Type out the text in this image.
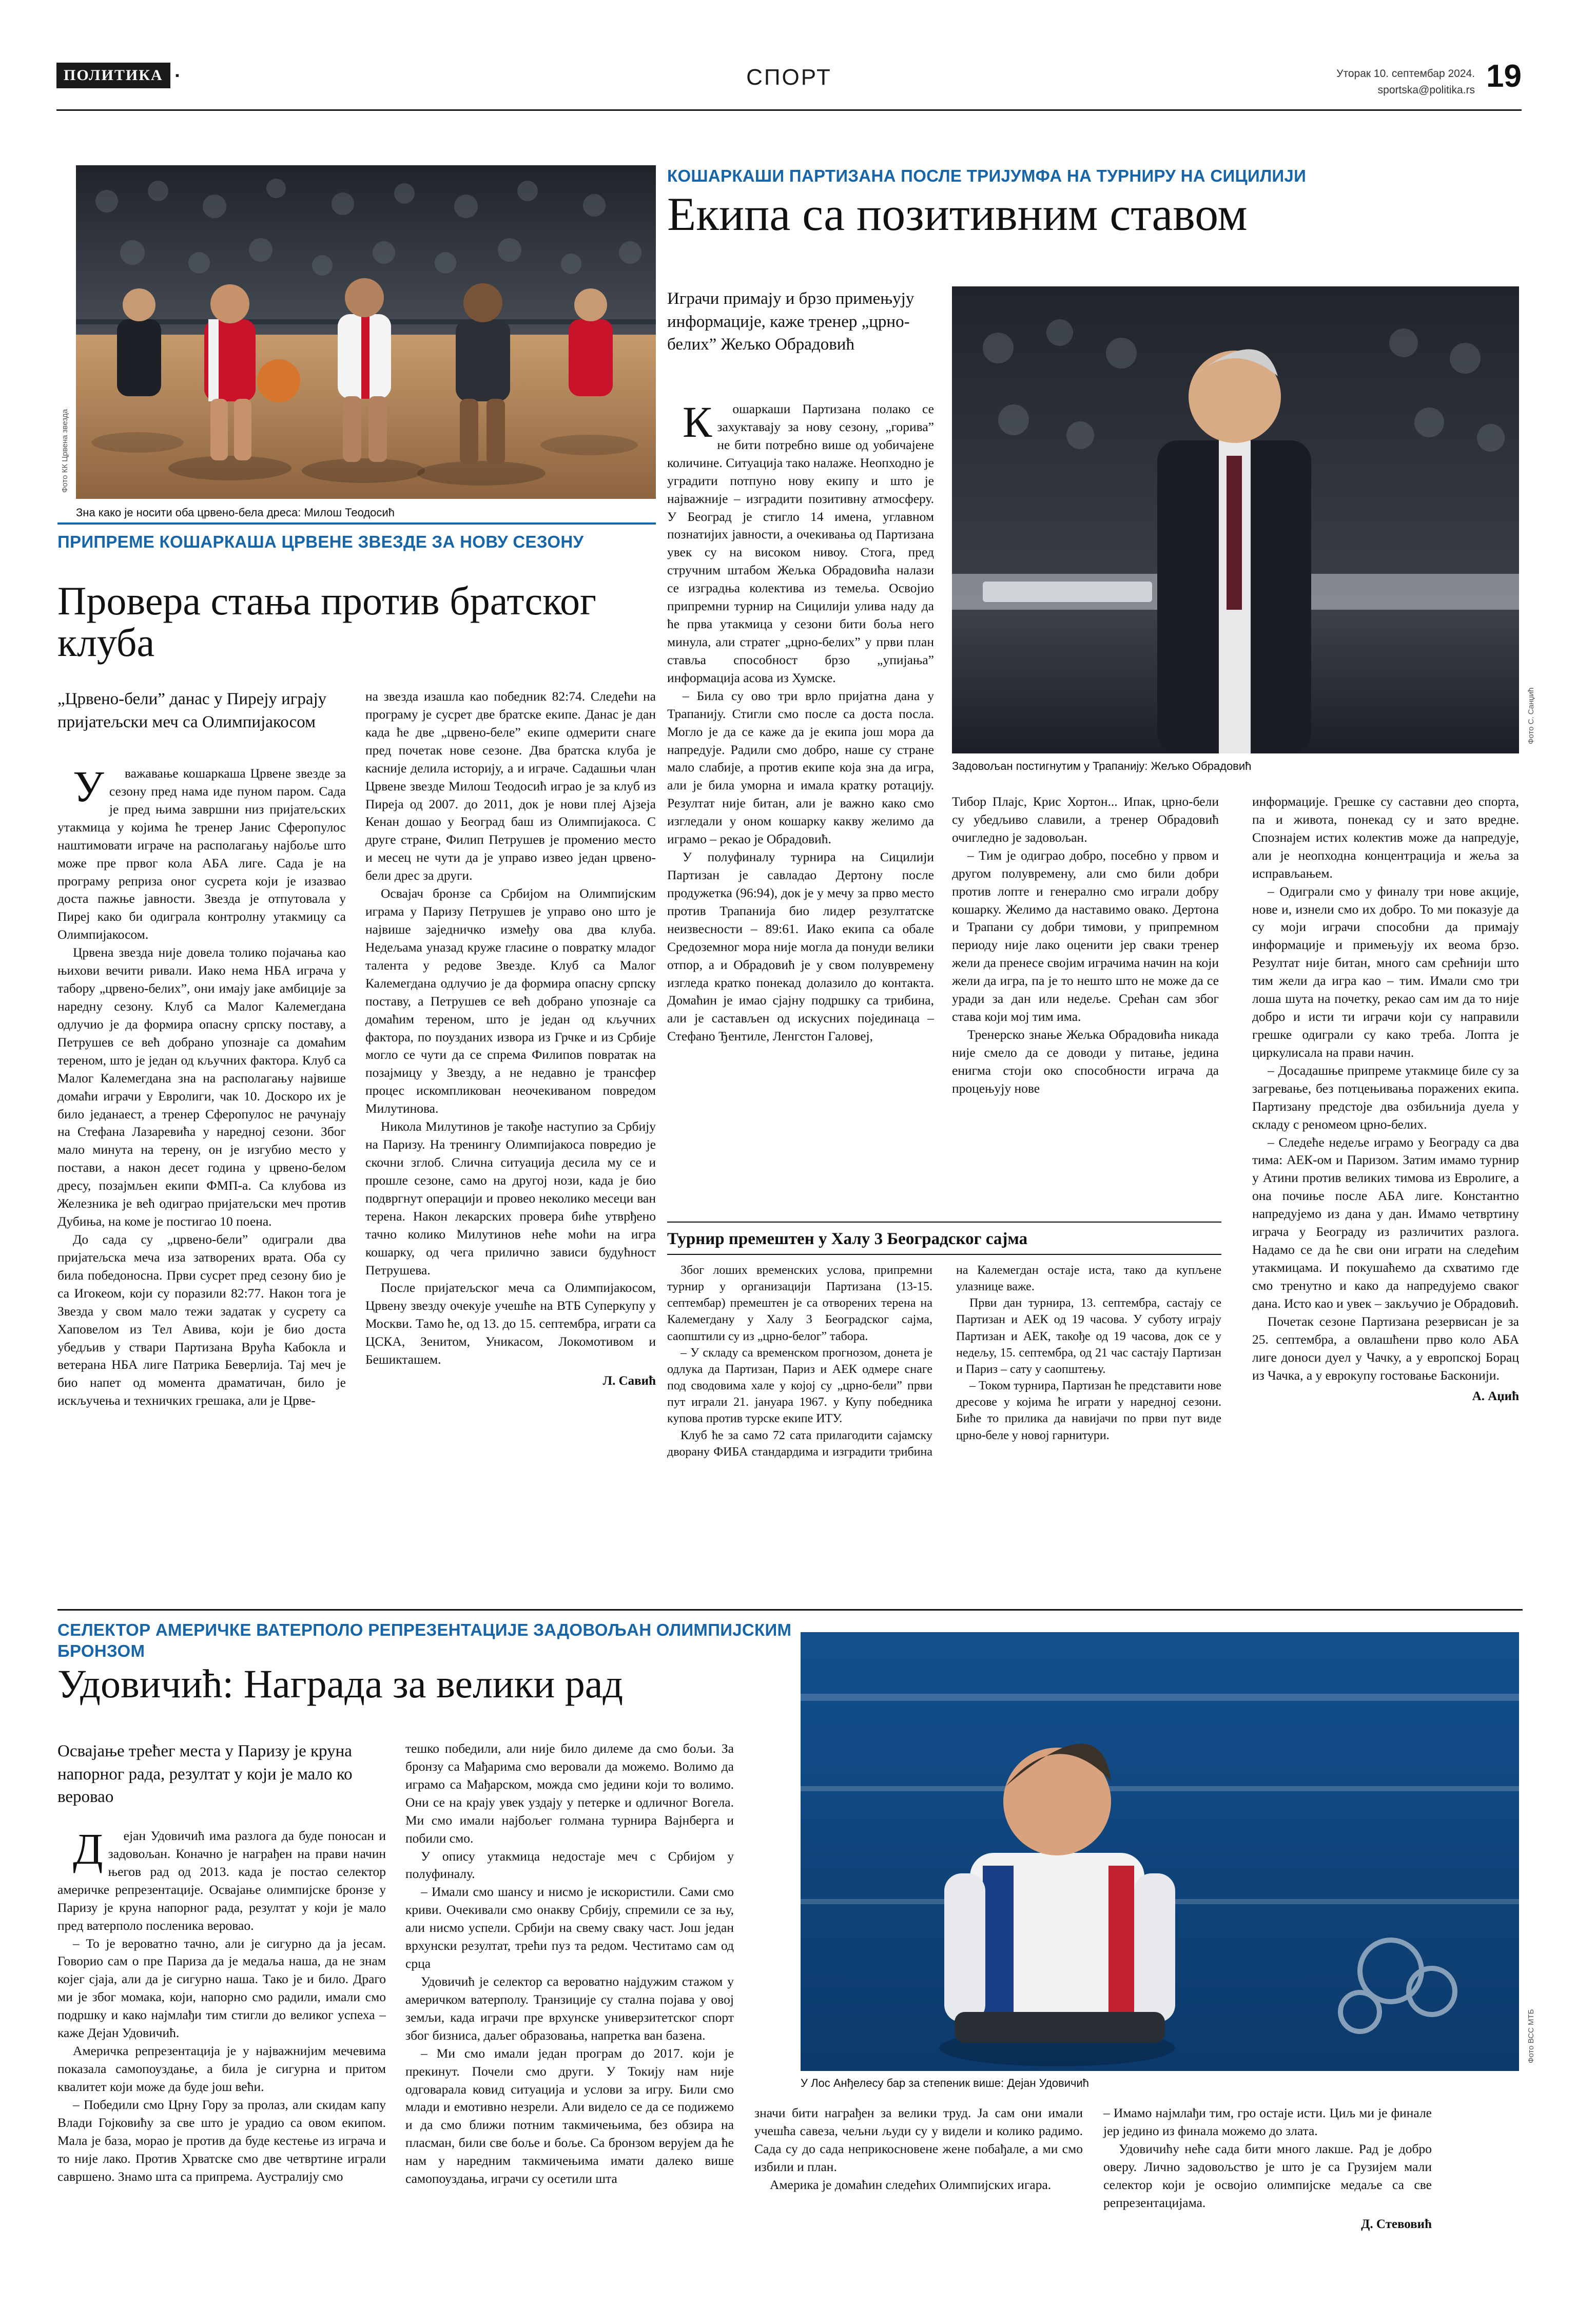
ПОЛИТИКА	▪	СПОРТ	Уторак 10. септембар 2024.
sportska@politika.rs 19
Фото КК Црвена звезда
Зна како је носити оба црвено-бела дреса: Милош Теодосић
ПРИПРЕМЕ КОШАРКАША ЦРВЕНЕ ЗВЕЗДЕ ЗА НОВУ СЕЗОНУ
Провера стања против братског клуба
„Црвено-бели” данас у Пиреју играју пријатељски меч са Олимпијакосом

Уважавање кошаркаша Црвене звезде за сезону пред нама иде пуном паром. Сада је пред њима завршни низ пријатељских утакмица у којима ће тренер Јанис Сферопулос наштимовати играче на располагању најбоље што може пре првог кола АБА лиге. Сада је на програму реприза оног сусрета који је изазвао доста пажње јавности. Звезда је отпутовала у Пиреј како би одиграла контролну утакмицу са Олимпијакосом.

Црвена звезда није довела толико појачања као њихови вечити ривали. Иако нема НБА играча у табору „црвено-белих”, они имају јаке амбиције за наредну сезону. Клуб са Малог Калемегдана одлучио је да формира опасну српску поставу, а Петрушев се већ добрано упознаје са домаћим тереном, што је један од кључних фактора. Клуб са Малог Калемегдана зна на располагању највише домаћи играчи у Евролиги, чак 10. Доскоро их је било једанаест, а тренер Сферопулос не рачунају на Стефана Лазаревића у наредној сезони. Због мало минута на терену, он је изгубио место у постави, а након десет година у црвено-белом дресу, позајмљен екипи ФМП-а. Са клубова из Железника је већ одиграо пријатељски меч против Дубиња, на коме је постигао 10 поена.

До сада су „црвено-бели” одиграли два пријатељска меча иза затворених врата. Оба су била победоносна. Први сусрет пред сезону био је са Игокеом, који су поразили 82:77. Након тога је Звезда у свом мало тежи задатак у сусрету са Хаповелом из Тел Авива, који је био доста убедљив у ствари Партизана Врућа Кабокла и ветерана НБА лиге Патрика Беверлија. Тај меч је био напет од момента драматичан, било је искључења и техничких грешака, али је Црве-

на звезда изашла као победник 82:74. Следећи на програму је сусрет две братске екипе. Данас је дан када ће две „црвено-беле” екипе одмерити снаге пред почетак нове сезоне. Два братска клуба је касније делила историју, а и играче. Садашњи члан Црвене звезде Милош Теодосић играо је за клуб из Пиреја од 2007. до 2011, док је нови плеј Ајзеја Кенан дошао у Београд баш из Олимпијакоса. С друге стране, Филип Петрушев је променио место и месец не чути да је управо извео један црвено-бели дрес за други.

Освајач бронзе са Србијом на Олимпијским играма у Паризу Петрушев је управо оно што је највише заједничко између ова два клуба. Недељама уназад круже гласине о повратку младог талента у редове Звезде. Клуб са Малог Калемегдана одлучио је да формира опасну српску поставу, а Петрушев се већ добрано упознаје са домаћим тереном, што је један од кључних фактора, по поузданих извора из Грчке и из Србије могло се чути да се спрема Филипов повратак на позајмицу у Звезду, а не недавно је трансфер процес искомпликован неочекиваном повредом Милутинова.

Никола Милутинов је такође наступио за Србију на Паризу. На тренингу Олимпијакоса повредио је скочни зглоб. Слична ситуација десила му се и прошле сезоне, само на другој нози, када је био подвргнут операцији и провео неколико месеци ван терена. Након лекарских провера биће утврђено тачно колико Милутинов неће моћи на игра кошарку, од чега прилично зависи будућност Петрушева.

После пријатељског меча са Олимпијакосом, Црвену звезду очекује учешће на ВТБ Суперкупу у Москви. Тамо ће, од 13. до 15. септембра, играти са ЦСКА, Зенитом, Уникасом, Локомотивом и Бешикташем.

Л. Савић
КОШАРКАШИ ПАРТИЗАНА ПОСЛЕ ТРИЈУМФА НА ТУРНИРУ НА СИЦИЛИЈИ
Екипа са позитивним ставом
Играчи примају и брзо примењују информације, каже тренер „црно-белих” Жељко Обрадовић
Фото С. Санџић
Задовољан постигнутим у Трапанију: Жељко Обрадовић

Кошаркаши Партизана полако се захуктавају за нову сезону, „горива” не бити потребно више од уобичајене количине. Ситуација тако налаже. Неопходно је уградити потпуно нову екипу и што је најважније – изградити позитивну атмосферу. У Београд је стигло 14 имена, углавном познатијих јавности, а очекивања од Партизана увек су на високом нивоу. Стога, пред стручним штабом Жељка Обрадовића налази се изградња колектива из темеља. Освојио припремни турнир на Сицилији улива наду да ће прва утакмица у сезони бити боља него минула, али стратег „црно-белих” у први план ставља способност брзо „упијања” информација асова из Хумске.

– Била су ово три врло пријатна дана у Трапанију. Стигли смо после са доста посла. Могло је да се каже да је екипа још мора да напредује. Радили смо добро, наше су стране мало слабије, а против екипе која зна да игра, али је била уморна и имала кратку ротацију. Резултат није битан, али је важно како смо изгледали у оном кошарку какву желимо да играмо – рекао је Обрадовић.

У полуфиналу турнира на Сицилији Партизан је савладао Дертону после продужетка (96:94), док је у мечу за прво место против Трапанија био лидер резултатске неизвесности – 89:61. Иако екипа са обале Средоземног мора није могла да понуди велики отпор, а и Обрадовић је у свом полувремену изгледа кратко понекад долазило до контакта. Домаћин је имао сјајну подршку са трибина, али је састављен од искусних појединаца – Стефано Ђентиле, Ленгстон Галовеј,

Тибор Плајс, Крис Хортон... Ипак, црно-бели су убедљиво славили, а тренер Обрадовић очигледно је задовољан.

– Тим је одиграо добро, посебно у првом и другом полувремену, али смо били добри против лопте и генерално смо играли добру кошарку. Желимо да наставимо овако. Дертона и Трапани су добри тимови, у припремном периоду није лако оценити јер сваки тренер жели да пренесе својим играчима начин на који жели да игра, па је то нешто што не може да се уради за дан или недеље. Срећан сам због става који мој тим има.

Тренерско знање Жељка Обрадовића никада није смело да се доводи у питање, једина енигма стоји око способности играча да процењују нове

информације. Грешке су саставни део спорта, па и живота, понекад су и зато вредне. Спознајем истих колектив може да напредује, али је неопходна концентрација и жеља за исправљањем.

– Одиграли смо у финалу три нове акције, нове и, изнели смо их добро. То ми показује да су моји играчи способни да примају информације и примењују их веома брзо. Резултат није битан, много сам срећнији што тим жели да игра као – тим. Имали смо три лоша шута на почетку, рекао сам им да то није добро и исти ти играчи који су направили грешке одиграли су како треба. Лопта је циркулисала на прави начин.

– Досадашње припреме утакмице биле су за загревање, без потцењивања поражених екипа. Партизану предстоје два озбиљнија дуела у складу с реномеом црно-белих.

– Следеће недеље играмо у Београду са два тима: АЕК-ом и Паризом. Затим имамо турнир у Атини против великих тимова из Евролиге, а она почиње после АБА лиге. Константно напредујемо из дана у дан. Имамо четвртину играча у Београду из различитих разлога. Надамо се да ће сви они играти на следећим утакмицама. И покушаћемо да схватимо где смо тренутно и како да напредујемо сваког дана. Исто као и увек – закључио је Обрадовић.

Почетак сезоне Партизана резервисан је за 25. септембра, а овлашћени прво коло АБА лиге доноси дуел у Чачку, а у европској Борац из Чачка, а у еврокупу гостовање Басконији.

А. Аџић
Турнир премештен у Халу 3 Београдског сајма

Због лоших временских услова, припремни турнир у организацији Партизана (13-15. септембар) премештен је са отворених терена на Калемегдану у Халу 3 Београдског сајма, саопштили су из „црно-белог” табора.

– У складу са временском прогнозом, донета је одлука да Партизан, Париз и АЕК одмере снаге под сводовима хале у којој су „црно-бели” први пут играли 21. јануара 1967. у Купу победника купова против турске екипе ИТУ.

Клуб ће за само 72 сата прилагодити сајамску дворану ФИБА стандардима и изградити трибина на Калемегдан остаје иста, тако да купљене улазнице важе.

Први дан турнира, 13. септембра, састају се Партизан и АЕК од 19 часова. У суботу играју Партизан и АЕК, такође од 19 часова, док се у недељу, 15. септембра, од 21 час састају Партизан и Париз – сату у саопштењу.

– Током турнира, Партизан ће представити нове дресове у којима ће играти у наредној сезони. Биће то прилика да навијачи по први пут виде црно-беле у новој гарнитури.

СЕЛЕКТОР АМЕРИЧКЕ ВАТЕРПОЛО РЕПРЕЗЕНТАЦИЈЕ ЗАДОВОЉАН ОЛИМПИЈСКИМ БРОНЗОМ
Удовичић: Награда за велики рад
Освајање трећег места у Паризу је круна напорног рада, резултат у који је мало ко веровао
Фото ВСС МТБ
У Лос Анђелесу бар за степеник више: Дејан Удовичић

Дејан Удовичић има разлога да буде поносан и задовољан. Коначно је награђен на прави начин његов рад од 2013. када је постао селектор америчке репрезентације. Освајање олимпијске бронзе у Паризу је круна напорног рада, резултат у који је мало пред ватерполо посленика веровао.

– То је вероватно тачно, али је сигурно да ја јесам. Говорио сам о пре Париза да је медаља наша, да не знам којег сјаја, али да је сигурно наша. Тако је и било. Драго ми је због момака, који, напорно смо радили, имали смо подршку и како најмлађи тим стигли до великог успеха – каже Дејан Удовичић.

Америчка репрезентација је у најважнијим мечевима показала самопоуздање, а била је сигурна и притом квалитет који може да буде још већи.

– Победили смо Црну Гору за пролаз, али скидам капу Влади Гојковићу за све што је урадио са овом екипом. Мала је база, морао је против да буде кестење из играча и то није лако. Против Хрватске смо две четвртине играли савршено. Знамо шта са припрема. Аустралију смо

тешко победили, али није било дилеме да смо бољи. За бронзу са Мађарима смо веровали да можемо. Волимо да играмо са Мађарском, можда смо једини који то волимо. Они се на крају увек уздају у петерке и одличног Вогела. Ми смо имали најбољег голмана турнира Вајнберга и побили смо.

У опису утакмица недостаје меч с Србијом у полуфиналу.

– Имали смо шансу и нисмо је искористили. Сами смо криви. Очекивали смо онакву Србију, спремили се за њу, али нисмо успели. Србији на свему сваку част. Још један врхунски резултат, трећи пуз та редом. Честитамо сам од срца

Удовичић је селектор са вероватно најдужим стажом у америчком ватерполу. Транзиције су стална појава у овој земљи, када играчи пре врхунске универзитетског спорт због бизниса, даљег образовања, напретка ван базена.

– Ми смо имали један програм до 2017. који је прекинут. Почели смо други. У Токију нам није одговарала ковид ситуација и услови за игру. Били смо млади и емотивно незрели. Али видело се да се подижемо и да смо ближи потним такмичењима, без обзира на пласман, били све боље и боље. Са бронзом верујем да ће нам у наредним такмичењима имати далеко више самопоуздања, играчи су осетили шта

значи бити награђен за велики труд. Ја сам они имали учешћа савеза, чељни људи су у видели и колико радимо. Сада су до сада неприкосновене жене побађале, а ми смо избили и план.

Америка је домаћин следећих Олимпијских игара.

– Имамо најмлађи тим, гро остаје исти. Циљ ми је финале јер једино из финала можемо до злата.

Удовичићу неће сада бити много лакше. Рад је добро оверу. Лично задовољство је што је са Грузијем мали селектор који је освојио олимпијске медаље са све репрезентацијама.

Д. Стевовић
